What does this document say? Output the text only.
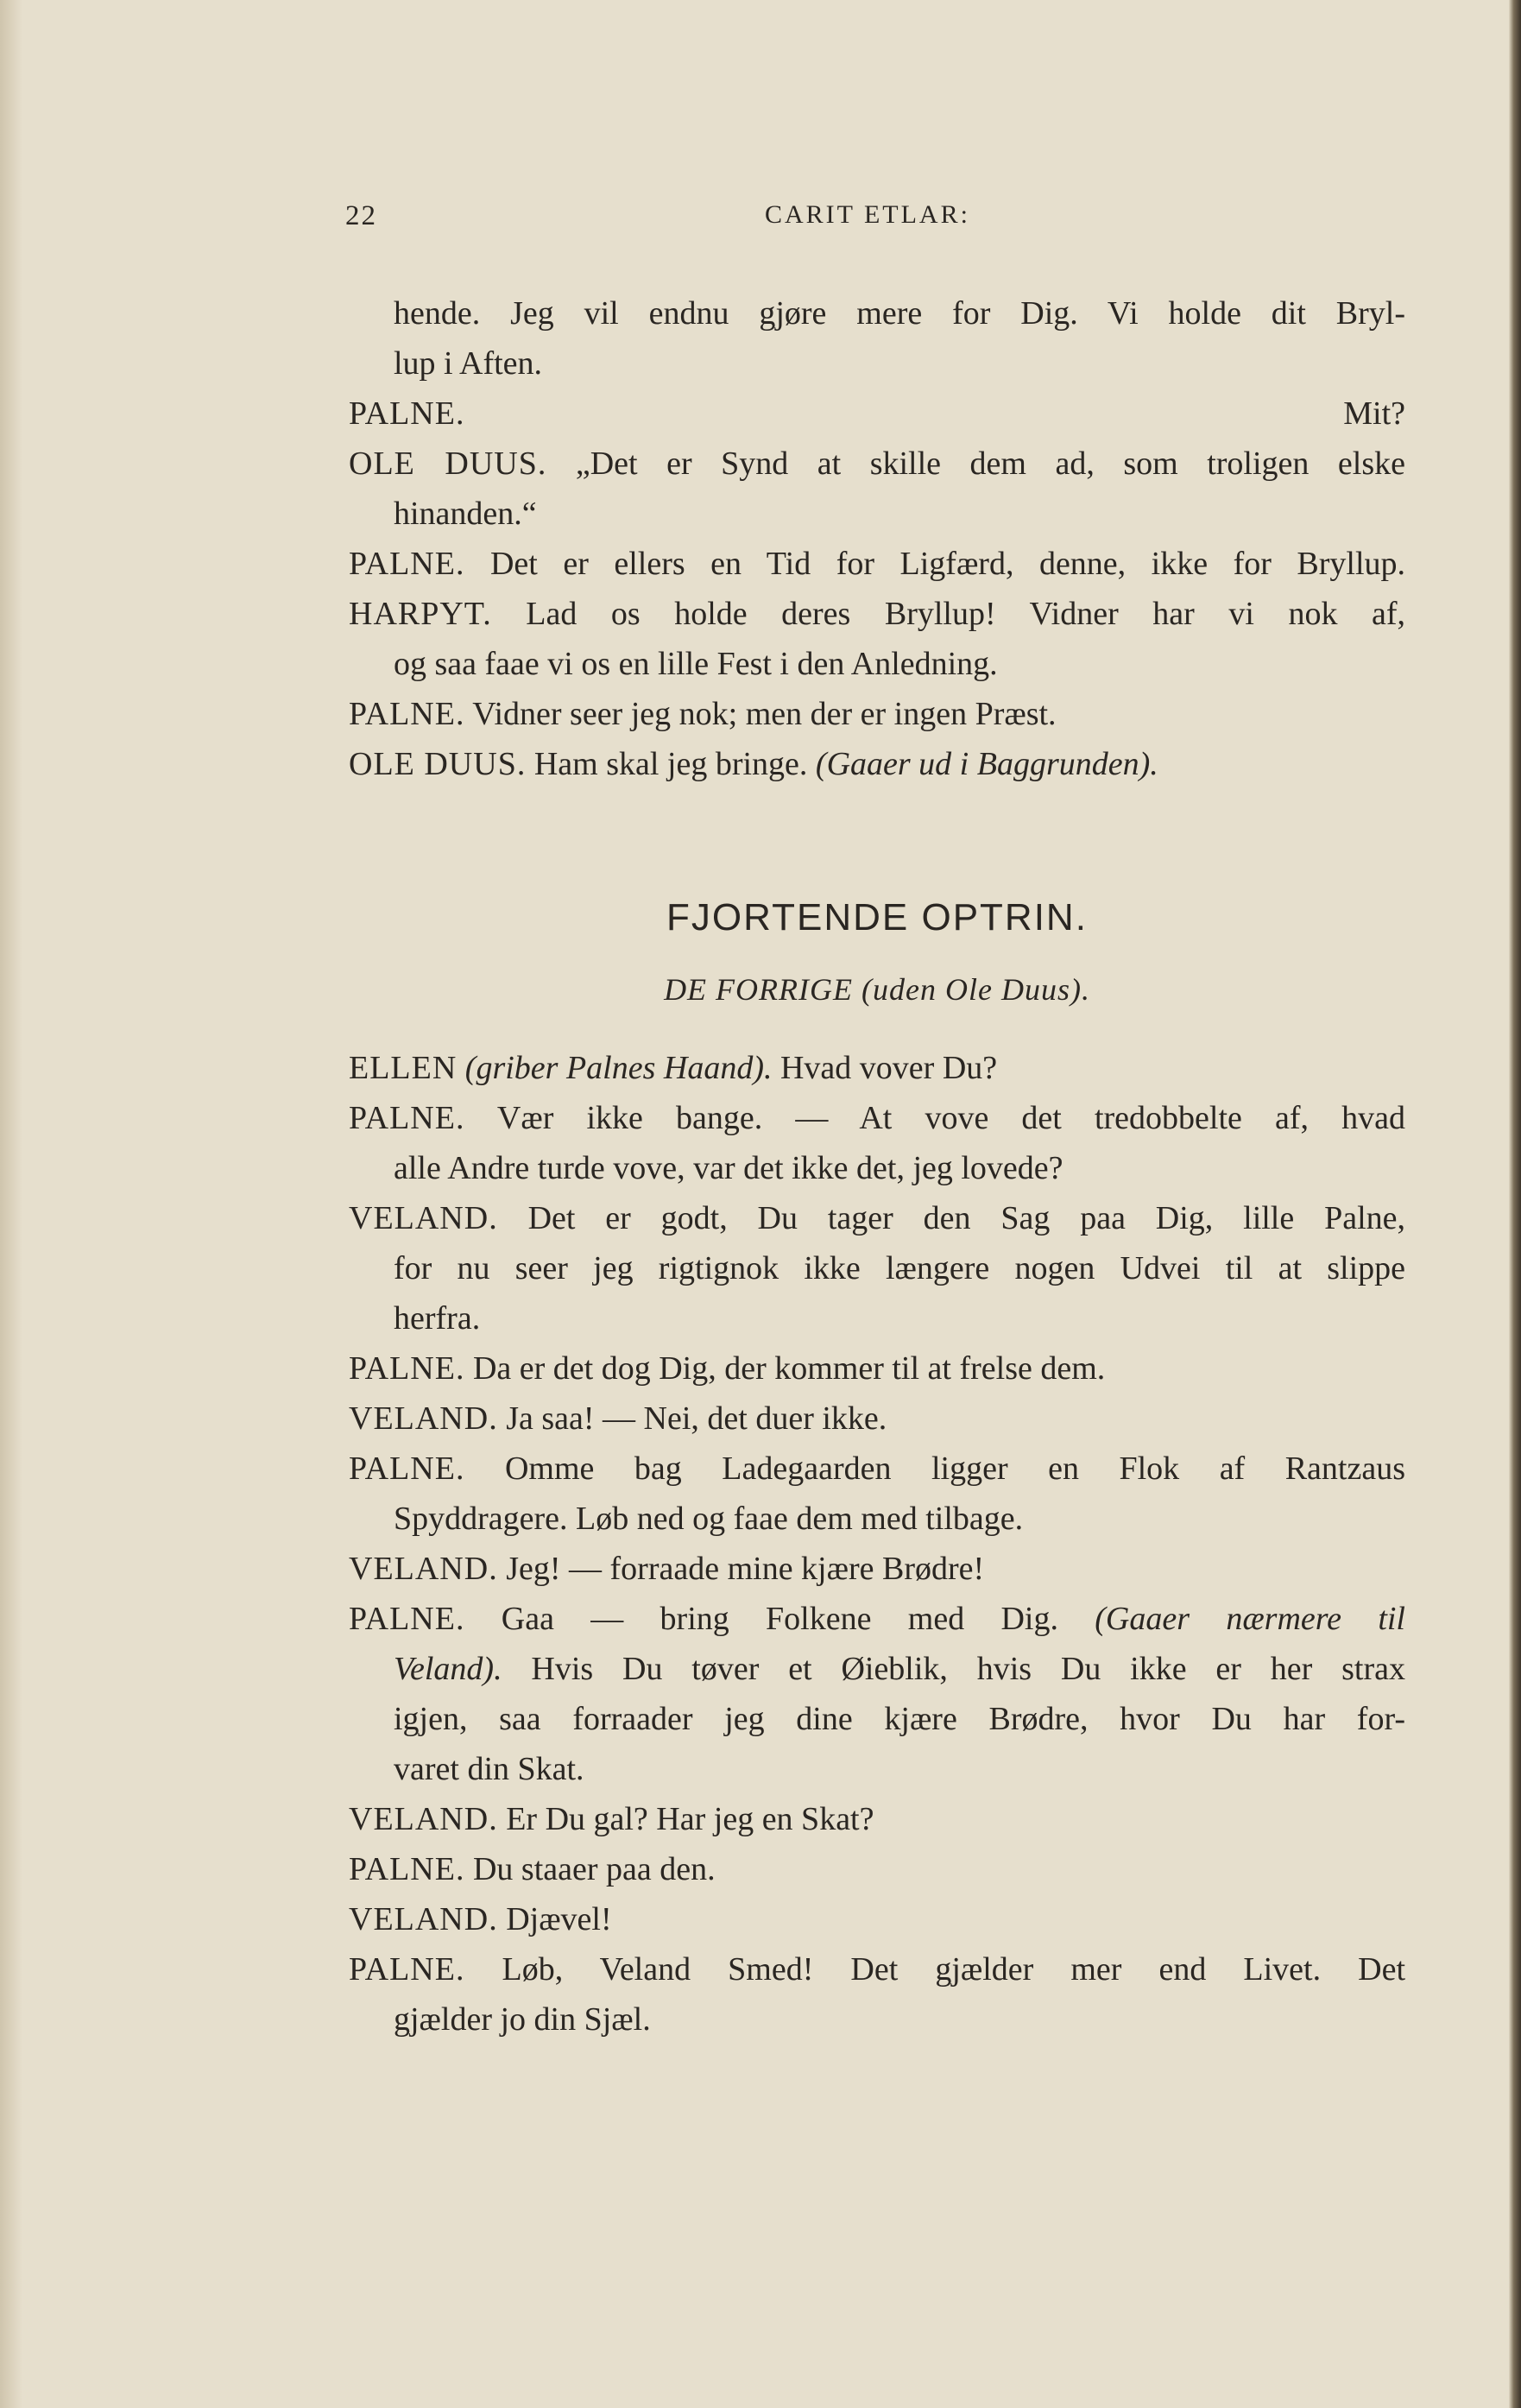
22	CARIT ETLAR:
hende. Jeg vil endnu gjøre mere for Dig. Vi holde dit Bryl-
lup i Aften.
PALNE.	Mit?
OLE DUUS. „Det er Synd at skille dem ad, som troligen elske
hinanden.“
PALNE. Det er ellers en Tid for Ligfærd, denne, ikke for Bryllup.
HARPYT. Lad os holde deres Bryllup! Vidner har vi nok af,
og saa faae vi os en lille Fest i den Anledning.
PALNE. Vidner seer jeg nok; men der er ingen Præst.
OLE DUUS. Ham skal jeg bringe. (Gaaer ud i Baggrunden).
FJORTENDE OPTRIN.
DE FORRIGE (uden Ole Duus).
ELLEN (griber Palnes Haand). Hvad vover Du?
PALNE. Vær ikke bange. — At vove det tredobbelte af, hvad
alle Andre turde vove, var det ikke det, jeg lovede?
VELAND. Det er godt, Du tager den Sag paa Dig, lille Palne,
for nu seer jeg rigtignok ikke længere nogen Udvei til at slippe
herfra.
PALNE. Da er det dog Dig, der kommer til at frelse dem.
VELAND. Ja saa! — Nei, det duer ikke.
PALNE. Omme bag Ladegaarden ligger en Flok af Rantzaus
Spyddragere. Løb ned og faae dem med tilbage.
VELAND. Jeg! — forraade mine kjære Brødre!
PALNE. Gaa — bring Folkene med Dig. (Gaaer nærmere til
Veland). Hvis Du tøver et Øieblik, hvis Du ikke er her strax
igjen, saa forraader jeg dine kjære Brødre, hvor Du har for-
varet din Skat.
VELAND. Er Du gal? Har jeg en Skat?
PALNE. Du staaer paa den.
VELAND. Djævel!
PALNE. Løb, Veland Smed! Det gjælder mer end Livet. Det
gjælder jo din Sjæl.
